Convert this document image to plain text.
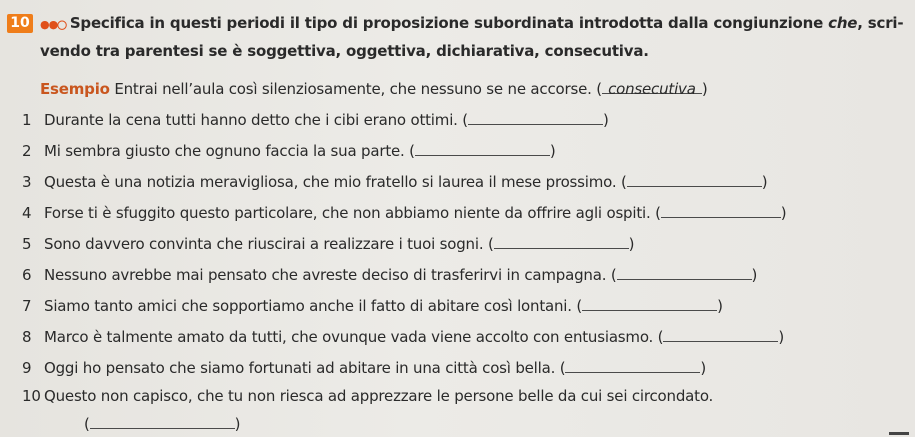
10 ●●● Specifica in questi periodi il tipo di proposizione subordinata introdotta dalla congiunzione che, scri-
vendo tra parentesi se è soggettiva, oggettiva, dichiarativa, consecutiva.
Esempio Entrai nell’aula così silenziosamente, che nessuno se ne accorse. ( consecutiva )
1 Durante la cena tutti hanno detto che i cibi erano ottimi. (	)
2 Mi sembra giusto che ognuno faccia la sua parte. (	)
3 Questa è una notizia meravigliosa, che mio fratello si laurea il mese prossimo. (	)
4 Forse ti è sfuggito questo particolare, che non abbiamo niente da offrire agli ospiti. (	)
5 Sono davvero convinta che riuscirai a realizzare i tuoi sogni. (	)
6 Nessuno avrebbe mai pensato che avreste deciso di trasferirvi in campagna. (	)
7 Siamo tanto amici che sopportiamo anche il fatto di abitare così lontani. (	)
8 Marco è talmente amato da tutti, che ovunque vada viene accolto con entusiasmo. (	)
9 Oggi ho pensato che siamo fortunati ad abitare in una città così bella. (	)
10 Questo non capisco, che tu non riesca ad apprezzare le persone belle da cui sei circondato.
(	)
